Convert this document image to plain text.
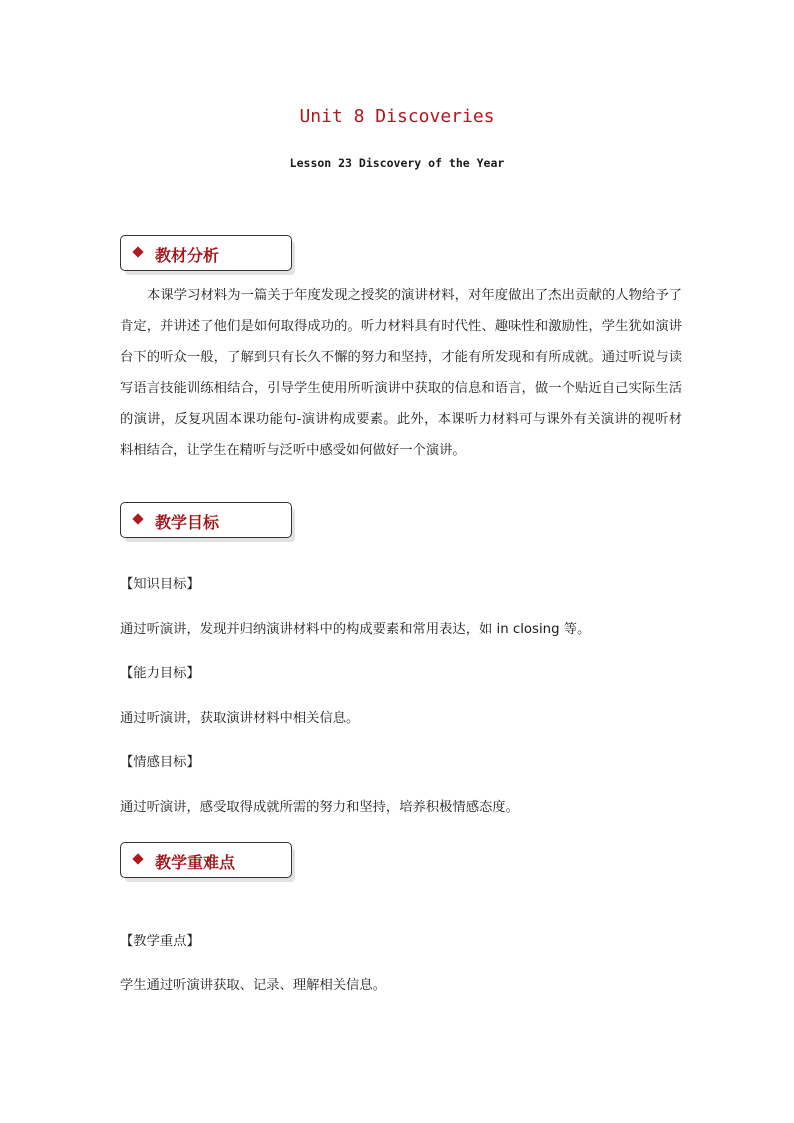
Unit 8 Discoveries
Lesson 23 Discovery of the Year
教材分析

本课学习材料为一篇关于年度发现之授奖的演讲材料，对年度做出了杰出贡献的人物给予了肯定，并讲述了他们是如何取得成功的。听力材料具有时代性、趣味性和激励性，学生犹如演讲台下的听众一般，了解到只有长久不懈的努力和坚持，才能有所发现和有所成就。通过听说与读写语言技能训练相结合，引导学生使用所听演讲中获取的信息和语言，做一个贴近自己实际生活的演讲，反复巩固本课功能句-演讲构成要素。此外，本课听力材料可与课外有关演讲的视听材料相结合，让学生在精听与泛听中感受如何做好一个演讲。

教学目标

【知识目标】

通过听演讲，发现并归纳演讲材料中的构成要素和常用表达，如 in closing 等。

【能力目标】

通过听演讲，获取演讲材料中相关信息。

【情感目标】

通过听演讲，感受取得成就所需的努力和坚持，培养积极情感态度。

教学重难点

【教学重点】

学生通过听演讲获取、记录、理解相关信息。
